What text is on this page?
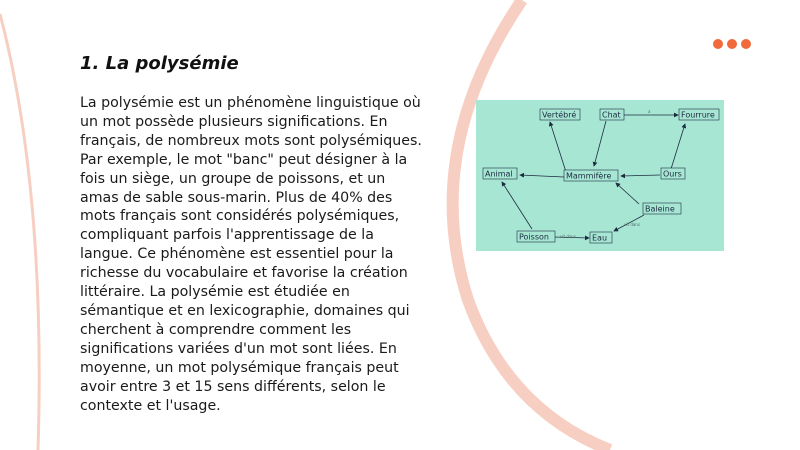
1. La polysémie

La polysémie est un phénomène linguistique où un mot possède plusieurs significations. En français, de nombreux mots sont polysémiques. Par exemple, le mot "banc" peut désigner à la fois un siège, un groupe de poissons, et un amas de sable sous-marin. Plus de 40% des mots français sont considérés polysémiques, compliquant parfois l'apprentissage de la langue. Ce phénomène est essentiel pour la richesse du vocabulaire et favorise la création littéraire. La polysémie est étudiée en sémantique et en lexicographie, domaines qui cherchent à comprendre comment les significations variées d'un mot sont liées. En moyenne, un mot polysémique français peut avoir entre 3 et 15 sens différents, selon le contexte et l'usage.

a
vit dans
vit dans
Vertébré	Chat	Fourrure
Animal	Mammifère	Ours
Baleine
Poisson	Eau
